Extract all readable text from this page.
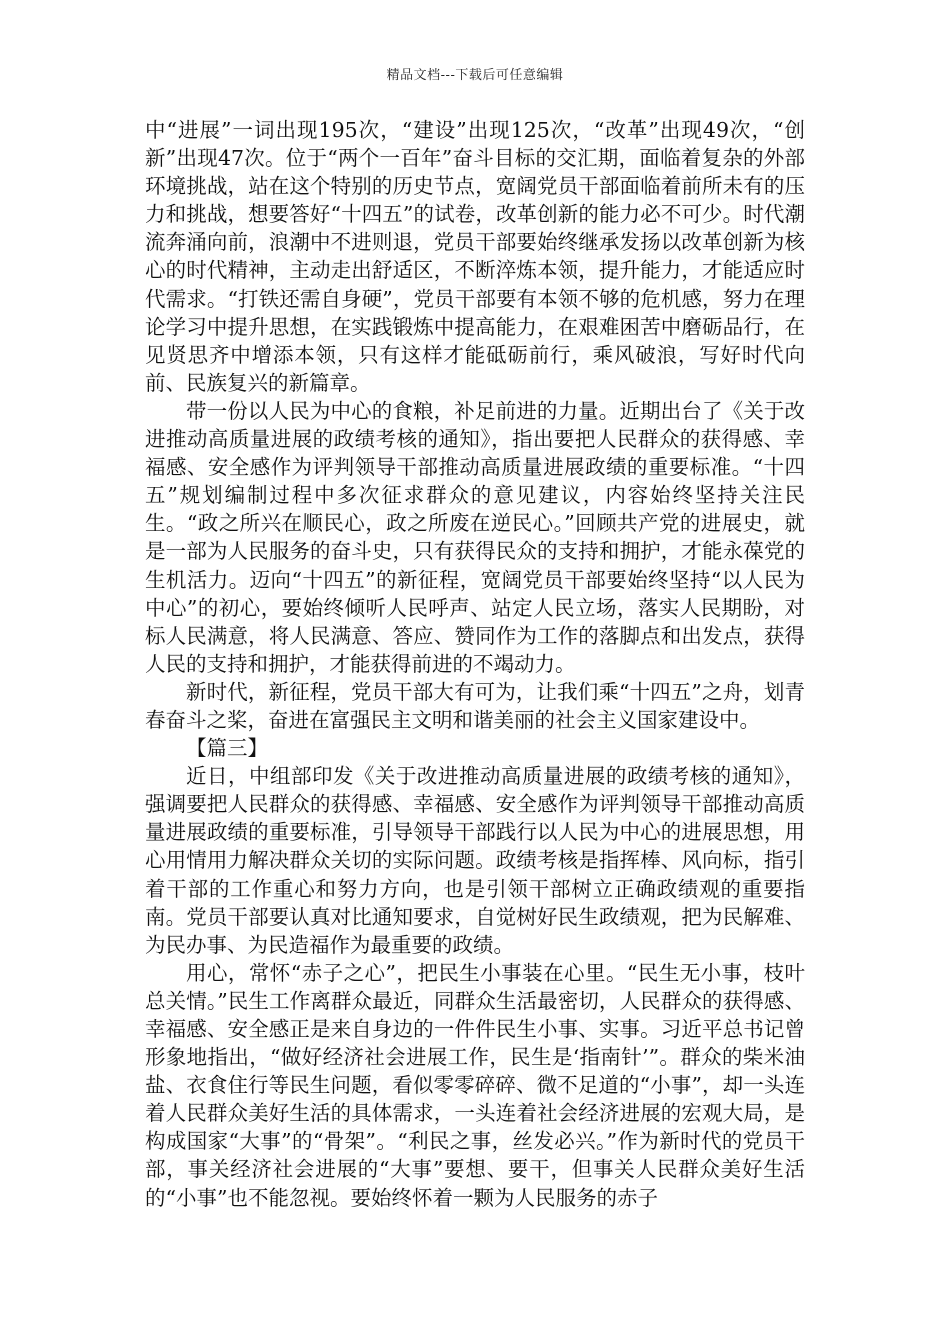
精品文档---下载后可任意编辑

中“进展”一词出现195次，“建设”出现125次，“改革”出现49次，“创新”出现47次。位于“两个一百年”奋斗目标的交汇期，面临着复杂的外部环境挑战，站在这个特别的历史节点，宽阔党员干部面临着前所未有的压力和挑战，想要答好“十四五”的试卷，改革创新的能力必不可少。时代潮流奔涌向前，浪潮中不进则退，党员干部要始终继承发扬以改革创新为核心的时代精神，主动走出舒适区，不断淬炼本领，提升能力，才能适应时代需求。“打铁还需自身硬”，党员干部要有本领不够的危机感，努力在理论学习中提升思想，在实践锻炼中提高能力，在艰难困苦中磨砺品行，在见贤思齐中增添本领，只有这样才能砥砺前行，乘风破浪，写好时代向前、民族复兴的新篇章。

带一份以人民为中心的食粮，补足前进的力量。近期出台了《关于改进推动高质量进展的政绩考核的通知》，指出要把人民群众的获得感、幸福感、安全感作为评判领导干部推动高质量进展政绩的重要标准。“十四五”规划编制过程中多次征求群众的意见建议，内容始终坚持关注民生。“政之所兴在顺民心，政之所废在逆民心。”回顾共产党的进展史，就是一部为人民服务的奋斗史，只有获得民众的支持和拥护，才能永葆党的生机活力。迈向“十四五”的新征程，宽阔党员干部要始终坚持“以人民为中心”的初心，要始终倾听人民呼声、站定人民立场，落实人民期盼，对标人民满意，将人民满意、答应、赞同作为工作的落脚点和出发点，获得人民的支持和拥护，才能获得前进的不竭动力。

新时代，新征程，党员干部大有可为，让我们乘“十四五”之舟，划青春奋斗之桨，奋进在富强民主文明和谐美丽的社会主义国家建设中。

【篇三】

近日，中组部印发《关于改进推动高质量进展的政绩考核的通知》，强调要把人民群众的获得感、幸福感、安全感作为评判领导干部推动高质量进展政绩的重要标准，引导领导干部践行以人民为中心的进展思想，用心用情用力解决群众关切的实际问题。政绩考核是指挥棒、风向标，指引着干部的工作重心和努力方向，也是引领干部树立正确政绩观的重要指南。党员干部要认真对比通知要求，自觉树好民生政绩观，把为民解难、为民办事、为民造福作为最重要的政绩。

用心，常怀“赤子之心”，把民生小事装在心里。“民生无小事，枝叶总关情。”民生工作离群众最近，同群众生活最密切，人民群众的获得感、幸福感、安全感正是来自身边的一件件民生小事、实事。习近平总书记曾形象地指出，“做好经济社会进展工作，民生是‘指南针’”。群众的柴米油盐、衣食住行等民生问题，看似零零碎碎、微不足道的“小事”，却一头连着人民群众美好生活的具体需求，一头连着社会经济进展的宏观大局，是构成国家“大事”的“骨架”。“利民之事，丝发必兴。”作为新时代的党员干部，事关经济社会进展的“大事”要想、要干，但事关人民群众美好生活的“小事”也不能忽视。要始终怀着一颗为人民服务的赤子
